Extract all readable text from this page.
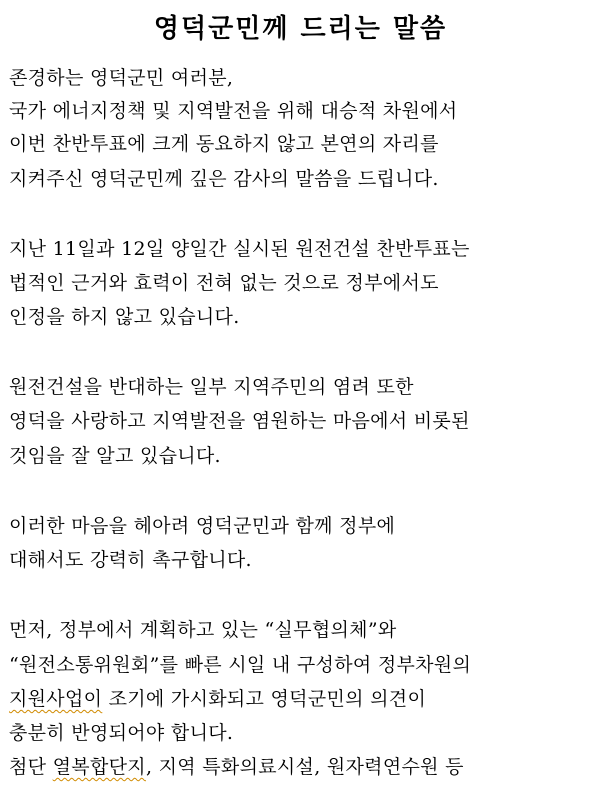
영덕군민께 드리는 말씀
존경하는 영덕군민 여러분,
국가 에너지정책 및 지역발전을 위해 대승적 차원에서
이번 찬반투표에 크게 동요하지 않고 본연의 자리를
지켜주신 영덕군민께 깊은 감사의 말씀을 드립니다.
지난 11일과 12일 양일간 실시된 원전건설 찬반투표는
법적인 근거와 효력이 전혀 없는 것으로 정부에서도
인정을 하지 않고 있습니다.
원전건설을 반대하는 일부 지역주민의 염려 또한
영덕을 사랑하고 지역발전을 염원하는 마음에서 비롯된
것임을 잘 알고 있습니다.
이러한 마음을 헤아려 영덕군민과 함께 정부에
대해서도 강력히 촉구합니다.
먼저, 정부에서 계획하고 있는 “실무협의체”와
“원전소통위원회”를 빠른 시일 내 구성하여 정부차원의
지원사업이 조기에 가시화되고 영덕군민의 의견이
충분히 반영되어야 합니다.
첨단 열복합단지, 지역 특화의료시설, 원자력연수원 등
